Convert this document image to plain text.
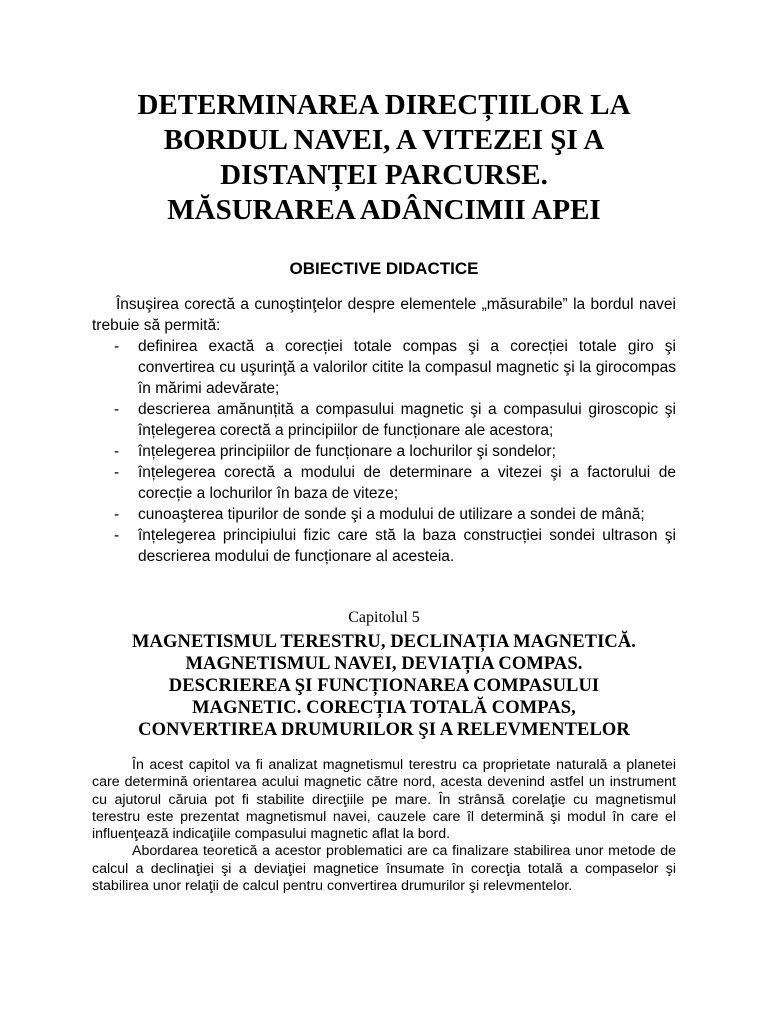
DETERMINAREA DIRECȚIILOR LA
BORDUL NAVEI, A VITEZEI ŞI A
DISTANȚEI PARCURSE.
MĂSURAREA ADÂNCIMII APEI
OBIECTIVE DIDACTICE

Însuşirea corectă a cunoştinţelor despre elementele „măsurabile” la bordul navei trebuie să permită:

- definirea exactă a corecției totale compas şi a corecției totale giro şi convertirea cu uşurinţă a valorilor citite la compasul magnetic şi la girocompas în mărimi adevărate;
- descrierea amănunțită a compasului magnetic şi a compasului giroscopic şi înțelegerea corectă a principiilor de funcționare ale acestora;
- înțelegerea principiilor de funcționare a lochurilor şi sondelor;
- înțelegerea corectă a modului de determinare a vitezei şi a factorului de corecție a lochurilor în baza de viteze;
- cunoaşterea tipurilor de sonde şi a modului de utilizare a sondei de mână;
- înțelegerea principiului fizic care stă la baza construcției sondei ultrason şi descrierea modului de funcționare al acesteia.
Capitolul 5
MAGNETISMUL TERESTRU, DECLINAȚIA MAGNETICĂ.
MAGNETISMUL NAVEI, DEVIAȚIA COMPAS.
DESCRIEREA ŞI FUNCȚIONAREA COMPASULUI
MAGNETIC. CORECȚIA TOTALĂ COMPAS,
CONVERTIREA DRUMURILOR ŞI A RELEVMENTELOR

În acest capitol va fi analizat magnetismul terestru ca proprietate naturală a planetei care determină orientarea acului magnetic către nord, acesta devenind astfel un instrument cu ajutorul căruia pot fi stabilite direcţiile pe mare. În strânsă corelaţie cu magnetismul terestru este prezentat magnetismul navei, cauzele care îl determină şi modul în care el influenţează indicaţiile compasului magnetic aflat la bord.

Abordarea teoretică a acestor problematici are ca finalizare stabilirea unor metode de calcul a declinaţiei şi a deviaţiei magnetice însumate în corecţia totală a compaselor şi stabilirea unor relaţii de calcul pentru convertirea drumurilor şi relevmentelor.
